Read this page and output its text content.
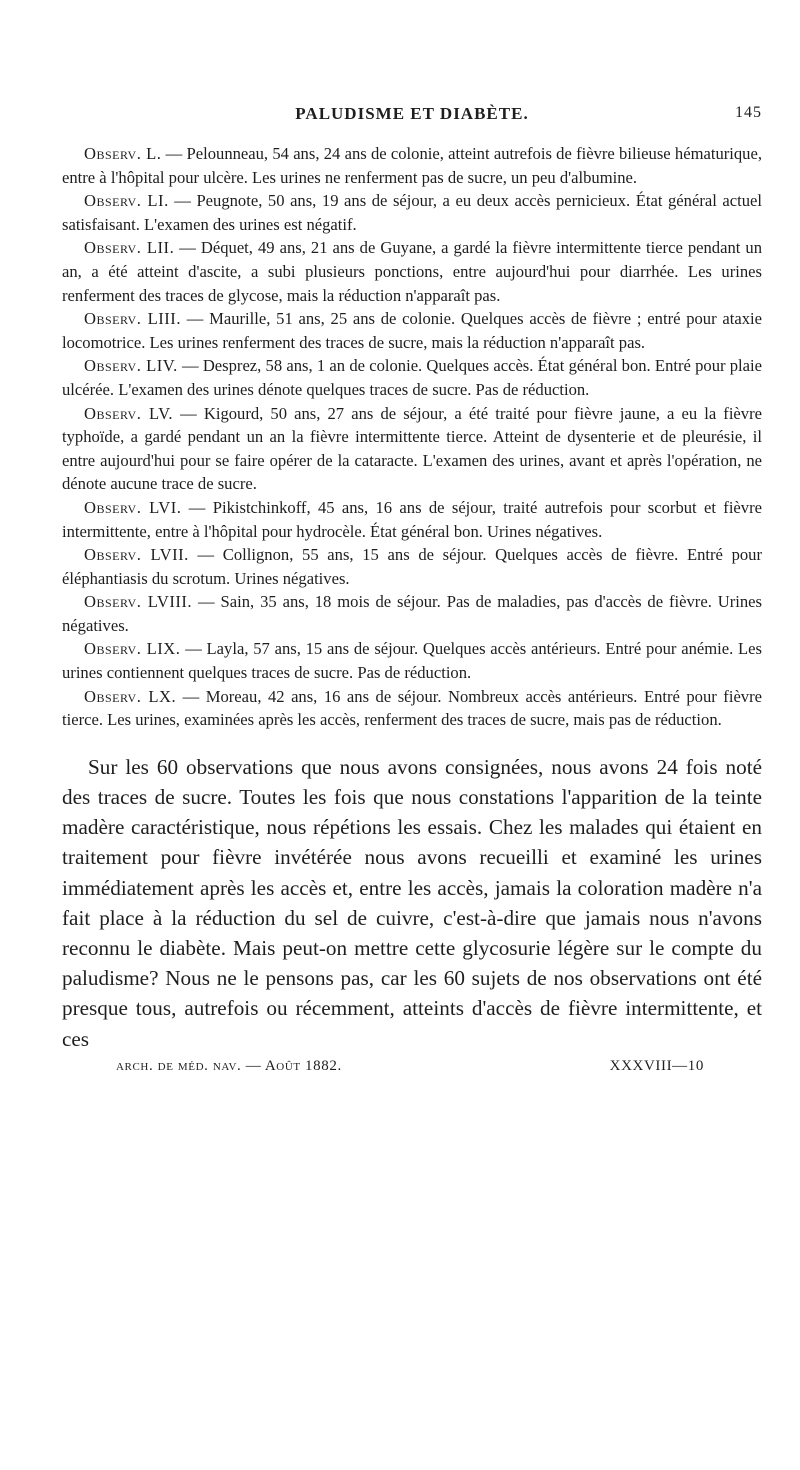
PALUDISME ET DIABÈTE.	145

Observ. L. — Pelounneau, 54 ans, 24 ans de colonie, atteint autrefois de fièvre bilieuse hématurique, entre à l'hôpital pour ulcère. Les urines ne renferment pas de sucre, un peu d'albumine.

Observ. LI. — Peugnote, 50 ans, 19 ans de séjour, a eu deux accès pernicieux. État général actuel satisfaisant. L'examen des urines est négatif.

Observ. LII. — Déquet, 49 ans, 21 ans de Guyane, a gardé la fièvre intermittente tierce pendant un an, a été atteint d'ascite, a subi plusieurs ponctions, entre aujourd'hui pour diarrhée. Les urines renferment des traces de glycose, mais la réduction n'apparaît pas.

Observ. LIII. — Maurille, 51 ans, 25 ans de colonie. Quelques accès de fièvre ; entré pour ataxie locomotrice. Les urines renferment des traces de sucre, mais la réduction n'apparaît pas.

Observ. LIV. — Desprez, 58 ans, 1 an de colonie. Quelques accès. État général bon. Entré pour plaie ulcérée. L'examen des urines dénote quelques traces de sucre. Pas de réduction.

Observ. LV. — Kigourd, 50 ans, 27 ans de séjour, a été traité pour fièvre jaune, a eu la fièvre typhoïde, a gardé pendant un an la fièvre intermittente tierce. Atteint de dysenterie et de pleurésie, il entre aujourd'hui pour se faire opérer de la cataracte. L'examen des urines, avant et après l'opération, ne dénote aucune trace de sucre.

Observ. LVI. — Pikistchinkoff, 45 ans, 16 ans de séjour, traité autrefois pour scorbut et fièvre intermittente, entre à l'hôpital pour hydrocèle. État général bon. Urines négatives.

Observ. LVII. — Collignon, 55 ans, 15 ans de séjour. Quelques accès de fièvre. Entré pour éléphantiasis du scrotum. Urines négatives.

Observ. LVIII. — Sain, 35 ans, 18 mois de séjour. Pas de maladies, pas d'accès de fièvre. Urines négatives.

Observ. LIX. — Layla, 57 ans, 15 ans de séjour. Quelques accès antérieurs. Entré pour anémie. Les urines contiennent quelques traces de sucre. Pas de réduction.

Observ. LX. — Moreau, 42 ans, 16 ans de séjour. Nombreux accès antérieurs. Entré pour fièvre tierce. Les urines, examinées après les accès, renferment des traces de sucre, mais pas de réduction.

Sur les 60 observations que nous avons consignées, nous avons 24 fois noté des traces de sucre. Toutes les fois que nous constations l'apparition de la teinte madère caractéristique, nous répétions les essais. Chez les malades qui étaient en traitement pour fièvre invétérée nous avons recueilli et examiné les urines immédiatement après les accès et, entre les accès, jamais la coloration madère n'a fait place à la réduction du sel de cuivre, c'est-à-dire que jamais nous n'avons reconnu le diabète. Mais peut-on mettre cette glycosurie légère sur le compte du paludisme? Nous ne le pensons pas, car les 60 sujets de nos observations ont été presque tous, autrefois ou récemment, atteints d'accès de fièvre intermittente, et ces

arch. de méd. nav. — Août 1882.	XXXVIII—10
